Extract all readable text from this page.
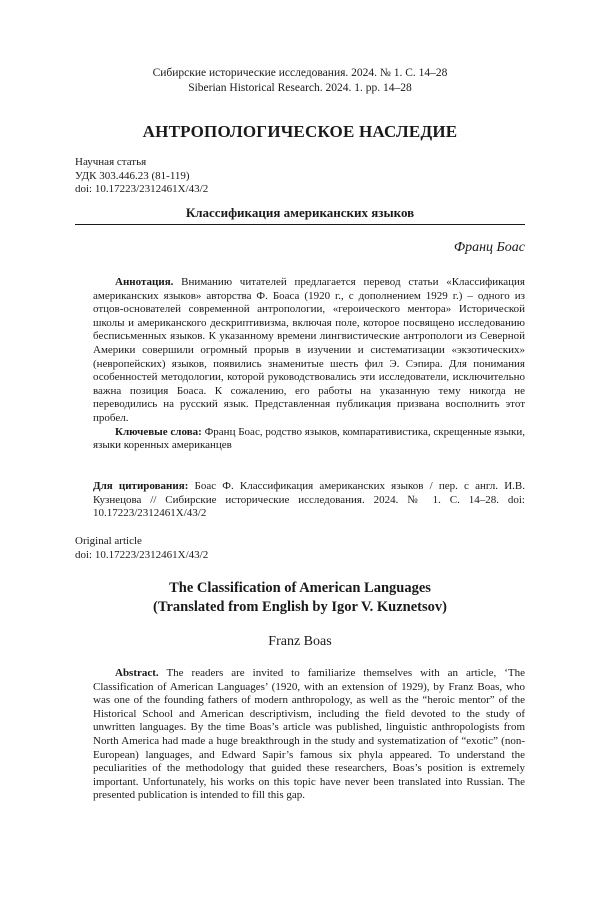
Сибирские исторические исследования. 2024. № 1. С. 14–28
Siberian Historical Research. 2024. 1. pp. 14–28
АНТРОПОЛОГИЧЕСКОЕ НАСЛЕДИЕ
Научная статья
УДК 303.446.23 (81-119)
doi: 10.17223/2312461X/43/2
Классификация американских языков
Франц Боас

Аннотация. Вниманию читателей предлагается перевод статьи «Классификация американских языков» авторства Ф. Боаса (1920 г., с дополнением 1929 г.) – одного из отцов-основателей современной антропологии, «героического ментора» Исторической школы и американского дескриптивизма, включая поле, которое посвящено исследованию бесписьменных языков. К указанному времени лингвистические антропологи из Северной Америки совершили огромный прорыв в изучении и систематизации «экзотических» (невропейских) языков, появились знаменитые шесть фил Э. Сэпира. Для понимания особенностей методологии, которой руководствовались эти исследователи, исключительно важна позиция Боаса. К сожалению, его работы на указанную тему никогда не переводились на русский язык. Представленная публикация призвана восполнить этот пробел.

Ключевые слова: Франц Боас, родство языков, компаративистика, скрещенные языки, языки коренных американцев

Для цитирования: Боас Ф. Классификация американских языков / пер. с англ. И.В. Кузнецова // Сибирские исторические исследования. 2024. № 1. С. 14–28. doi: 10.17223/2312461X/43/2

Original article
doi: 10.17223/2312461X/43/2
The Classification of American Languages
(Translated from English by Igor V. Kuznetsov)
Franz Boas

Abstract. The readers are invited to familiarize themselves with an article, ‘The Classification of American Languages’ (1920, with an extension of 1929), by Franz Boas, who was one of the founding fathers of modern anthropology, as well as the “heroic mentor” of the Historical School and American descriptivism, including the field devoted to the study of unwritten languages. By the time Boas’s article was published, linguistic anthropologists from North America had made a huge breakthrough in the study and systematization of “exotic” (non-European) languages, and Edward Sapir’s famous six phyla appeared. To understand the peculiarities of the methodology that guided these researchers, Boas’s position is extremely important. Unfortunately, his works on this topic have never been translated into Russian. The presented publication is intended to fill this gap.
